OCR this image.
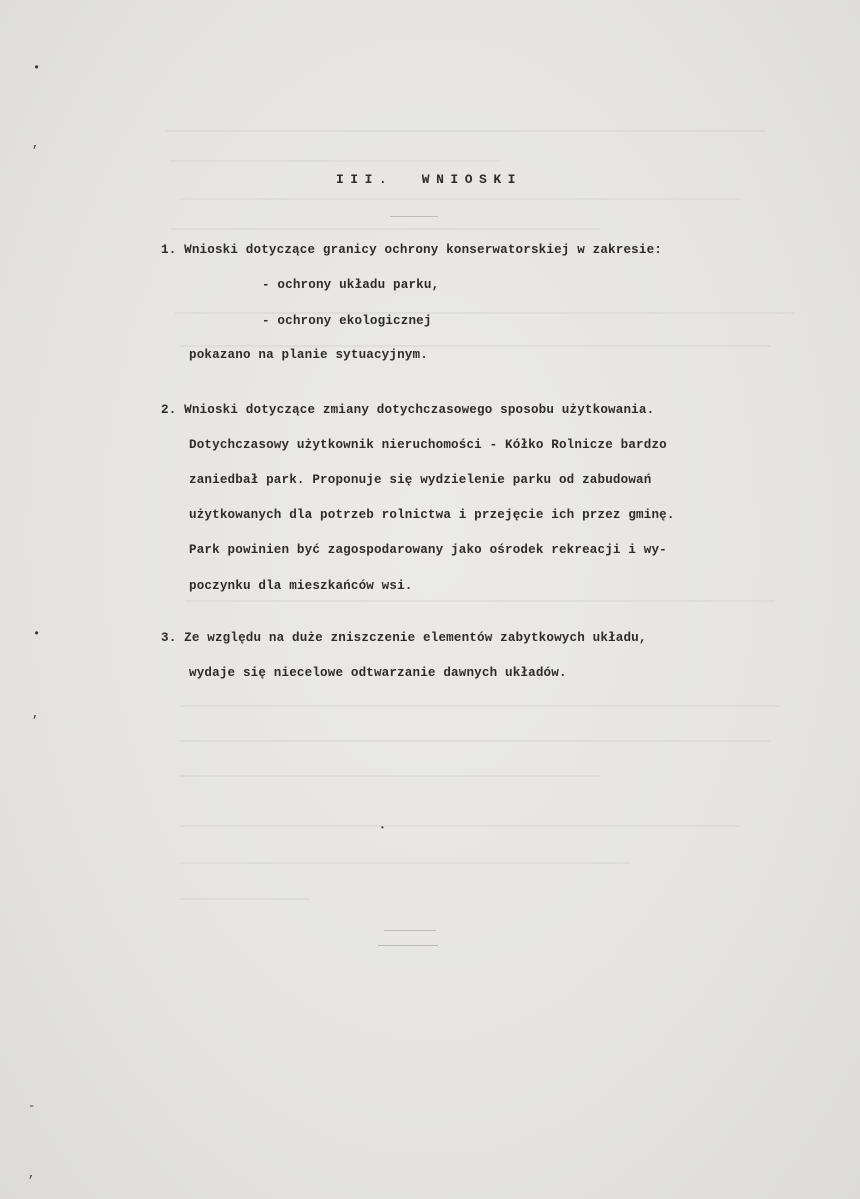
•
,
•
,
-
,
•
III.  WNIOSKI
1. Wnioski dotyczące granicy ochrony konserwatorskiej w zakresie:
- ochrony układu parku,
- ochrony ekologicznej
pokazano na planie sytuacyjnym.
2. Wnioski dotyczące zmiany dotychczasowego sposobu użytkowania.
Dotychczasowy użytkownik nieruchomości - Kółko Rolnicze bardzo
zaniedbał park. Proponuje się wydzielenie parku od zabudowań
użytkowanych dla potrzeb rolnictwa i przejęcie ich przez gminę.
Park powinien być zagospodarowany jako ośrodek rekreacji i wy-
poczynku dla mieszkańców wsi.
3. Ze względu na duże zniszczenie elementów zabytkowych układu,
wydaje się niecelowe odtwarzanie dawnych układów.
